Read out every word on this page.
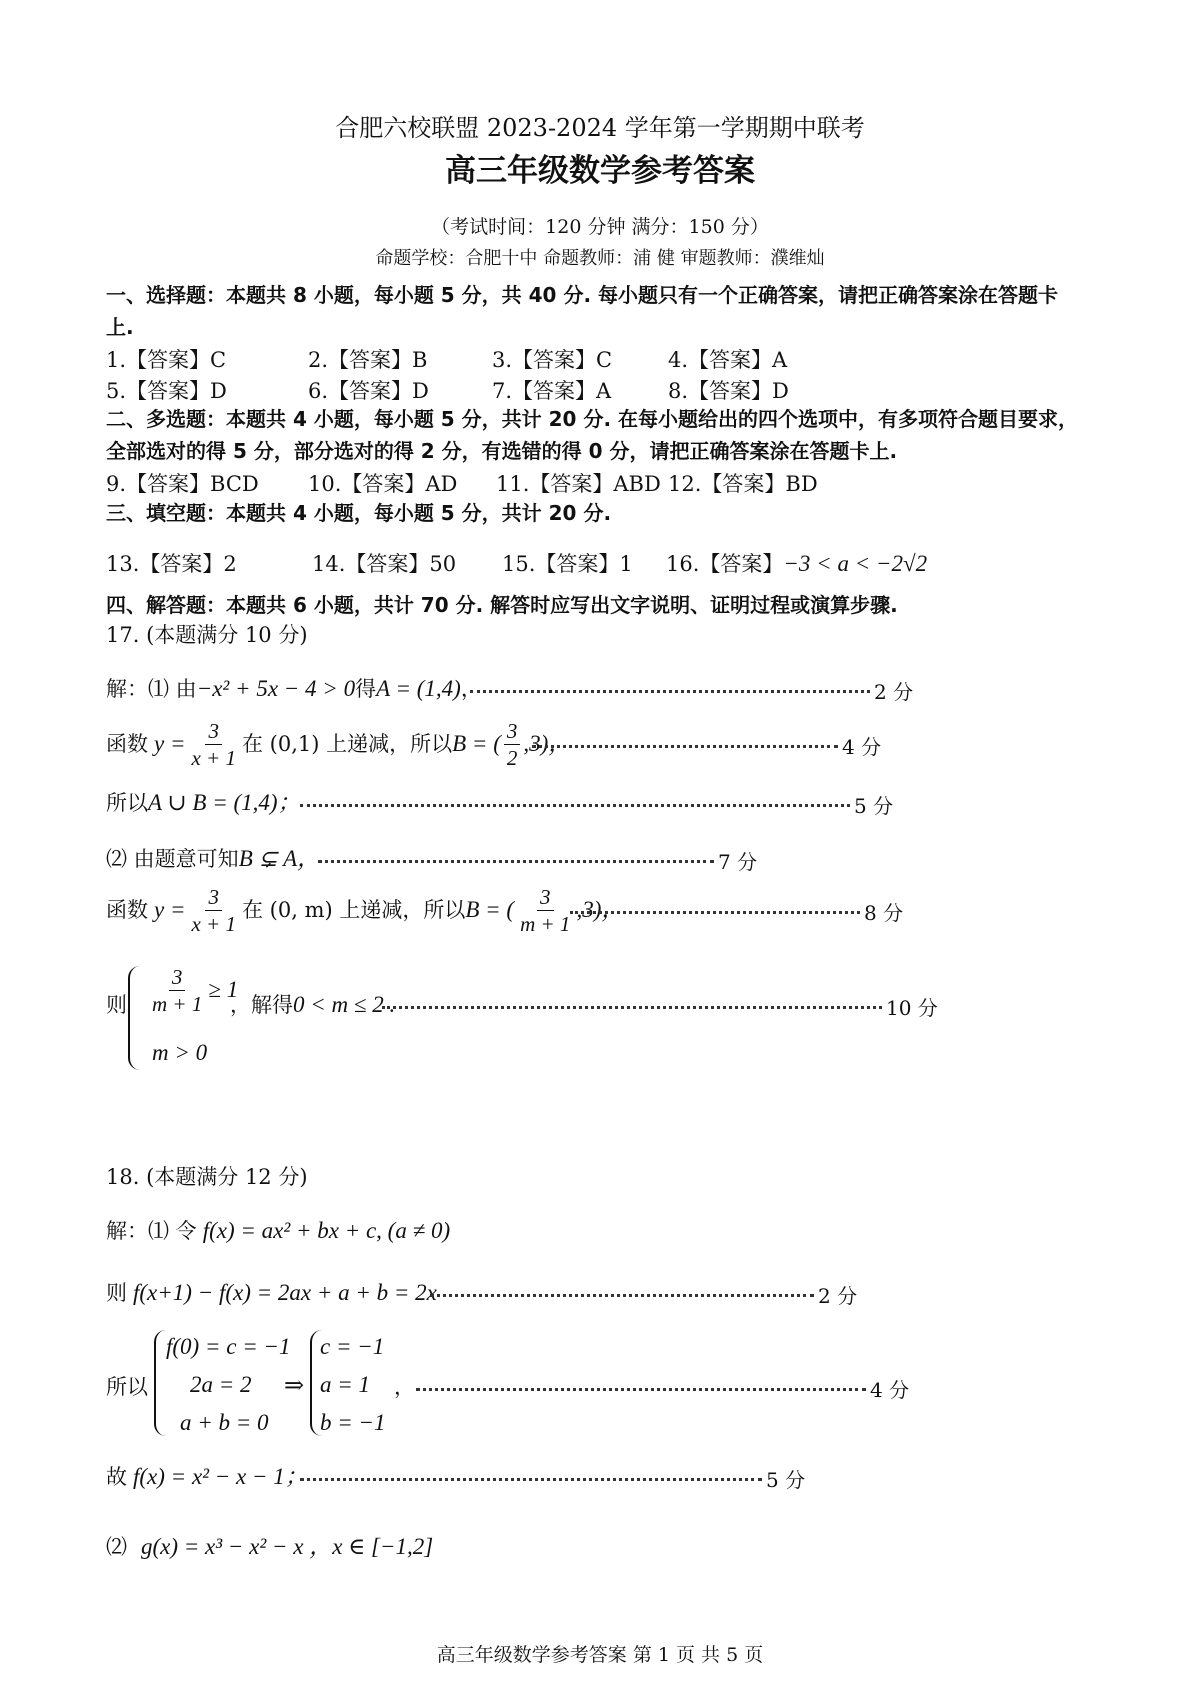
合肥六校联盟 2023-2024 学年第一学期期中联考
高三年级数学参考答案
（考试时间：120 分钟 满分：150 分）
命题学校：合肥十中 命题教师：浦 健 审题教师：濮维灿
一、选择题：本题共 8 小题，每小题 5 分，共 40 分. 每小题只有一个正确答案，请把正确答案涂在答题卡
上.
1.【答案】C	2.【答案】B	3.【答案】C	4.【答案】A
5.【答案】D	6.【答案】D	7.【答案】A	8.【答案】D
二、多选题：本题共 4 小题，每小题 5 分，共计 20 分. 在每小题给出的四个选项中，有多项符合题目要求，
全部选对的得 5 分，部分选对的得 2 分，有选错的得 0 分，请把正确答案涂在答题卡上.
9.【答案】BCD 10.【答案】AD 11.【答案】ABD 12.【答案】BD
三、填空题：本题共 4 小题，每小题 5 分，共计 20 分.
13.【答案】2	14.【答案】50 15.【答案】1 16.【答案】−3 < a < −2√2
四、解答题：本题共 6 小题，共计 70 分. 解答时应写出文字说明、证明过程或演算步骤.
17. (本题满分 10 分)
解：⑴ 由−x² + 5x − 4 > 0得A = (1,4)，	2 分
函数 $y = \frac{3}{x + 1}$ 在 (0,1) 上递减，所以 B = ( $\frac{3}{2} ,3$)，	4 分
所以A ∪ B = (1,4)；	5 分
⑵ 由题意可知B ⊊ A，	7 分
函数 $y = \frac{3}{x + 1}$ 在 (0, m) 上递减，所以 B = ( $\frac{3}{m + 1} ,3$)，	8 分
则 $\frac{3}{m + 1} \ge 1$
m > 0
，解得0 < m ≤ 2 .	10 分
18. (本题满分 12 分)
解：⑴ 令 f(x) = ax² + bx + c, (a ≠ 0)
则 f(x+1) − f(x) = 2ax + a + b = 2x	2 分
所以
f(0) = c = −1
2a = 2
a + b = 0
⇒
c = −1
a = 1
b = −1
，	4 分
故 f(x) = x² − x − 1；	5 分
⑵ g(x) = x³ − x² − x ，x ∈ [−1,2]
高三年级数学参考答案 第 1 页 共 5 页
